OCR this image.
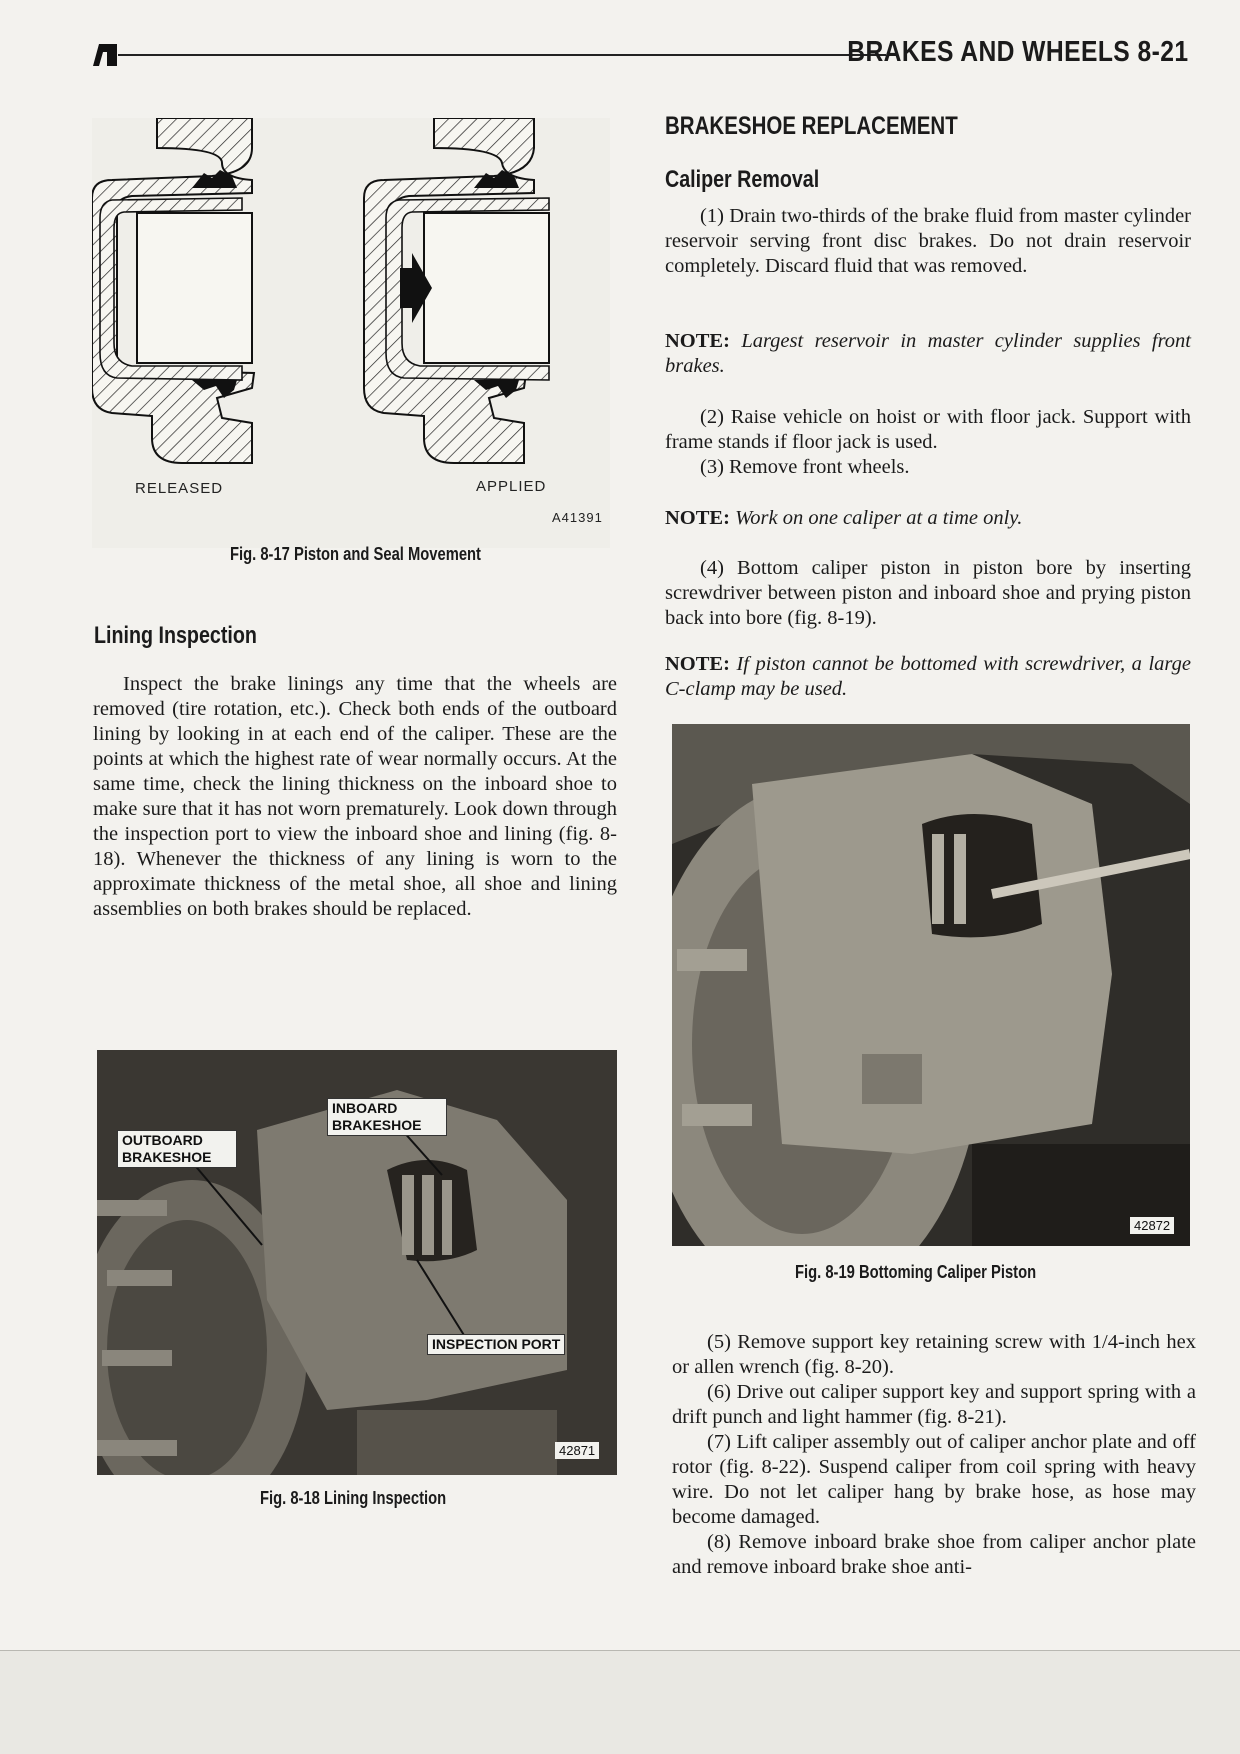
BRAKES AND WHEELS 8-21
RELEASED	APPLIED
A41391
Fig. 8-17 Piston and Seal Movement
Lining Inspection

Inspect the brake linings any time that the wheels are removed (tire rotation, etc.). Check both ends of the outboard lining by looking in at each end of the caliper. These are the points at which the highest rate of wear normally occurs. At the same time, check the lining thickness on the inboard shoe to make sure that it has not worn prematurely. Look down through the inspection port to view the inboard shoe and lining (fig. 8-18). Whenever the thickness of any lining is worn to the approximate thickness of the metal shoe, all shoe and lining assemblies on both brakes should be replaced.

OUTBOARD BRAKESHOE
INBOARD BRAKESHOE
INSPECTION PORT
42871
Fig. 8-18 Lining Inspection
BRAKESHOE REPLACEMENT
Caliper Removal

(1) Drain two-thirds of the brake fluid from master cylinder reservoir serving front disc brakes. Do not drain reservoir completely. Discard fluid that was removed.

NOTE: Largest reservoir in master cylinder supplies front brakes.

(2) Raise vehicle on hoist or with floor jack. Support with frame stands if floor jack is used.

(3) Remove front wheels.

NOTE: Work on one caliper at a time only.

(4) Bottom caliper piston in piston bore by inserting screwdriver between piston and inboard shoe and prying piston back into bore (fig. 8-19).

NOTE: If piston cannot be bottomed with screwdriver, a large C-clamp may be used.

42872
Fig. 8-19 Bottoming Caliper Piston

(5) Remove support key retaining screw with 1/4-inch hex or allen wrench (fig. 8-20).

(6) Drive out caliper support key and support spring with a drift punch and light hammer (fig. 8-21).

(7) Lift caliper assembly out of caliper anchor plate and off rotor (fig. 8-22). Suspend caliper from coil spring with heavy wire. Do not let caliper hang by brake hose, as hose may become damaged.

(8) Remove inboard brake shoe from caliper anchor plate and remove inboard brake shoe anti-
